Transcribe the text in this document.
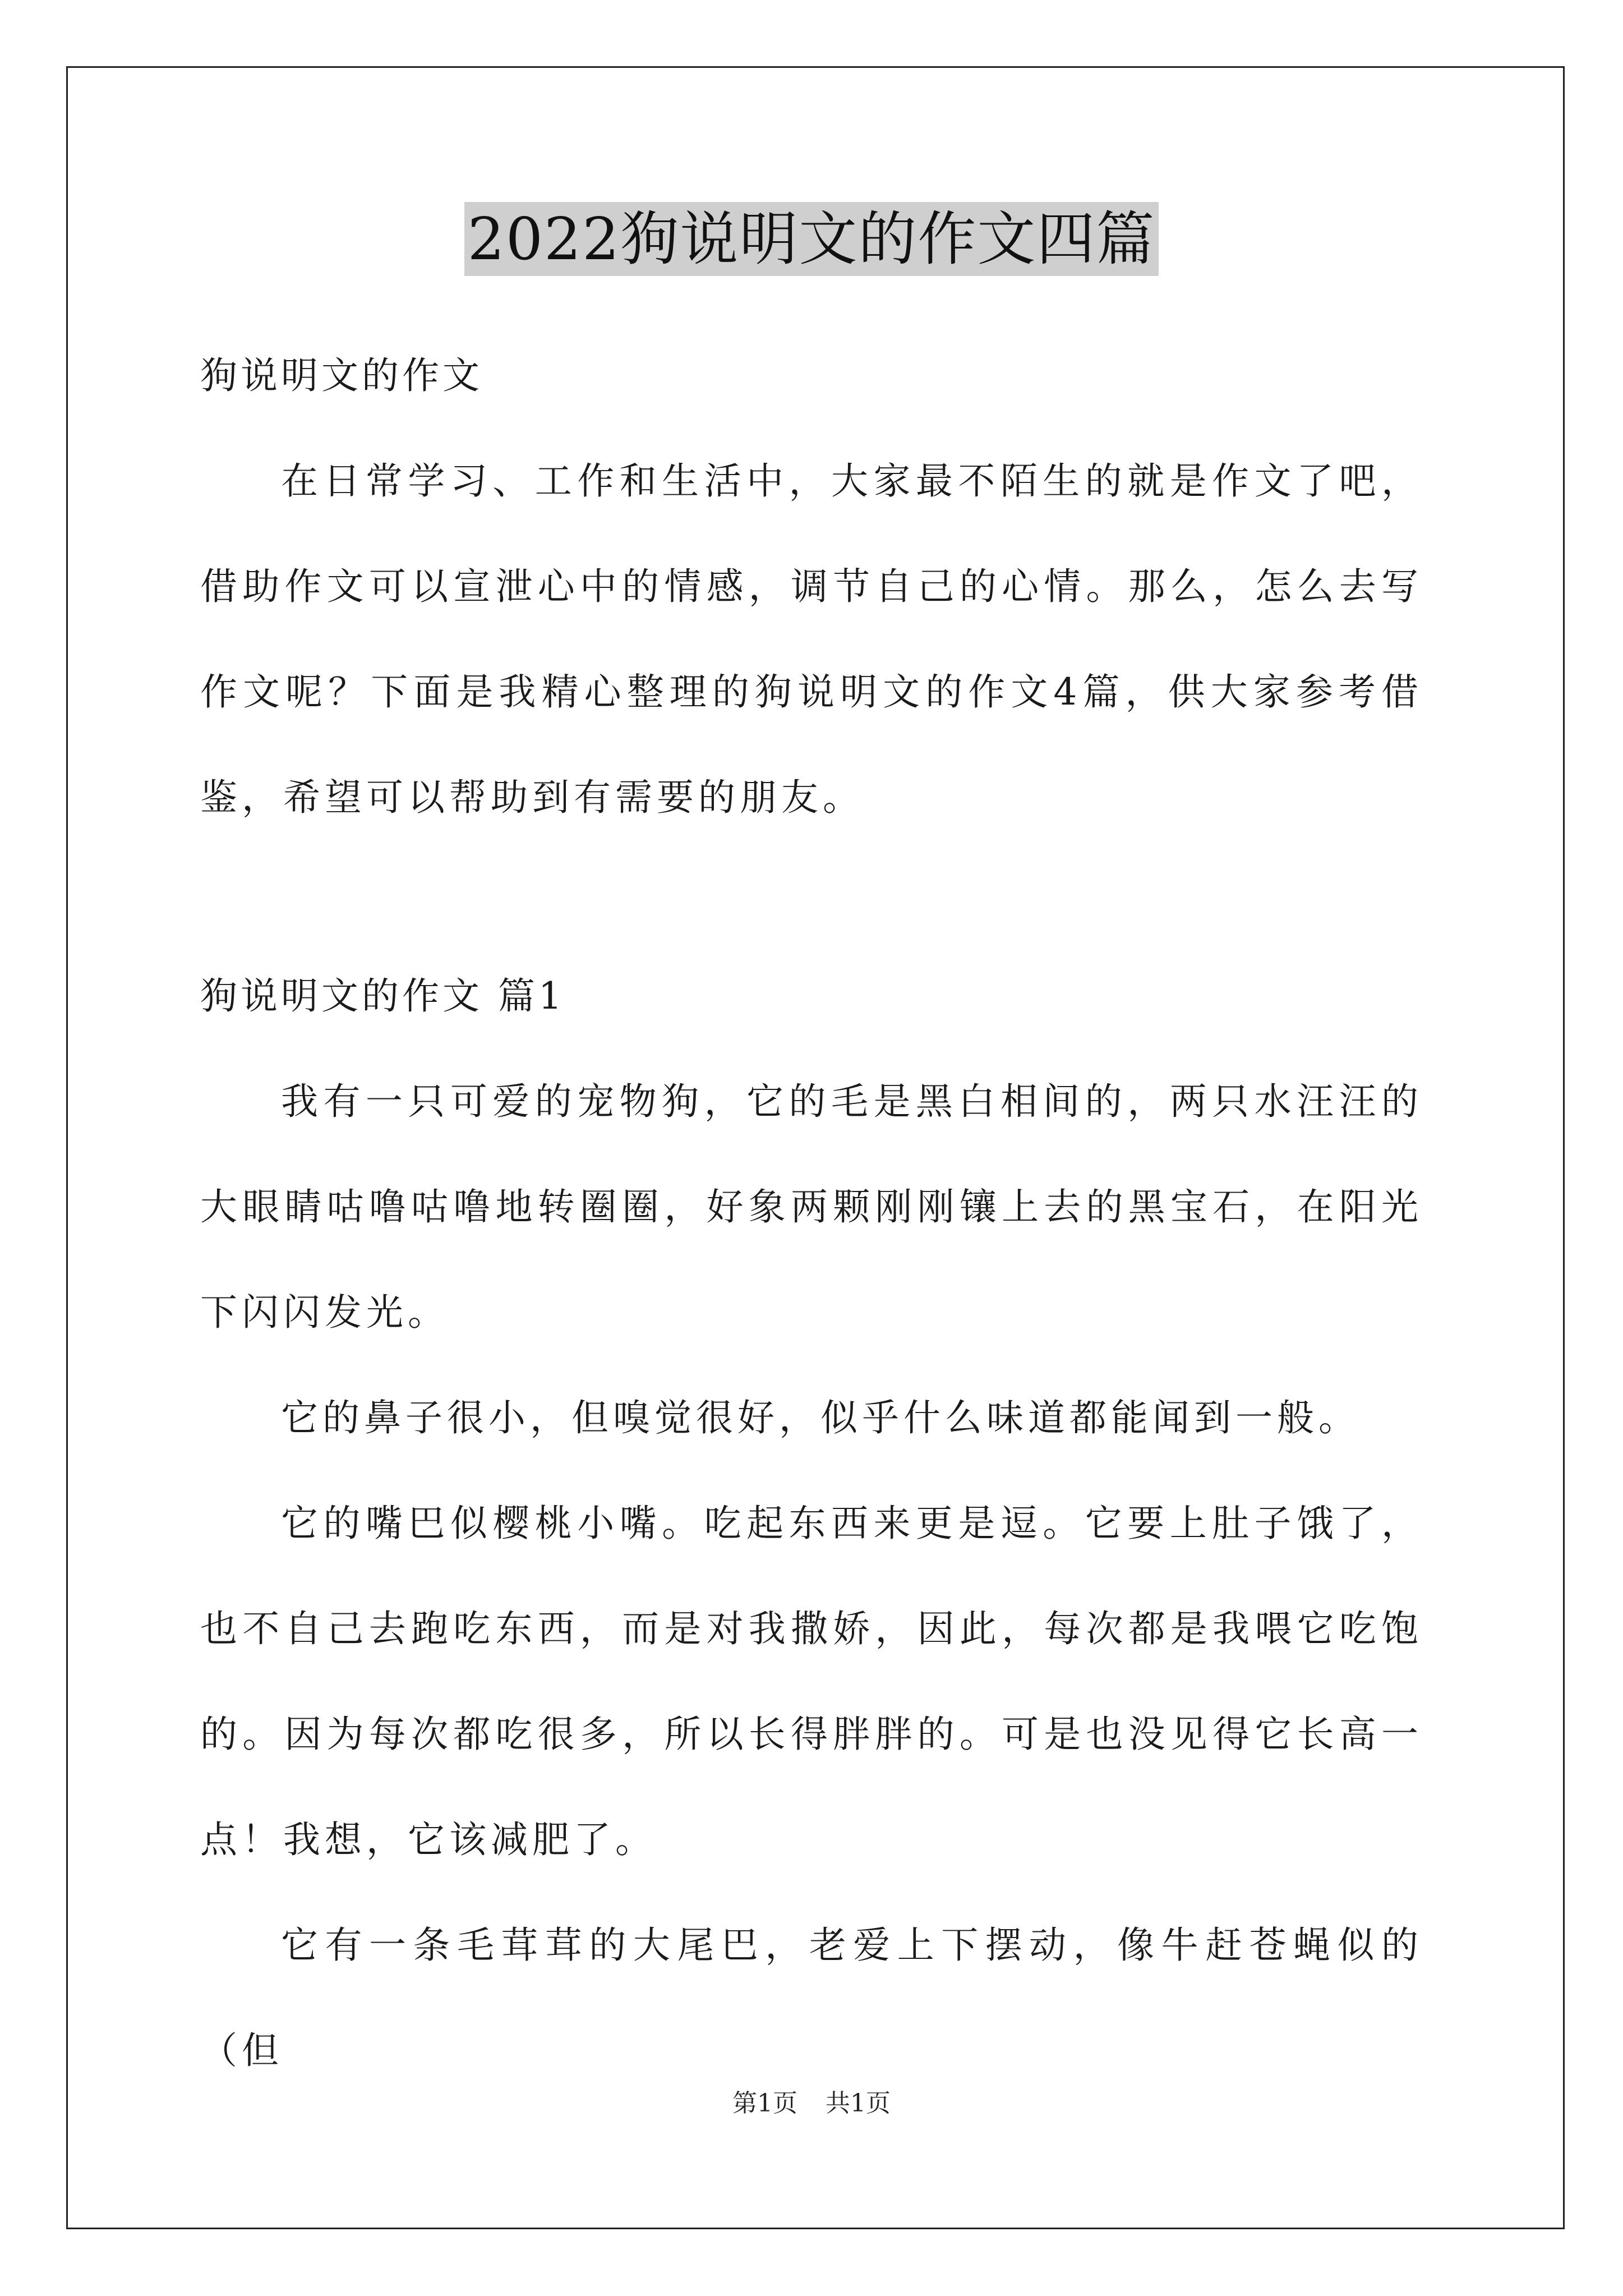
2022狗说明文的作文四篇

狗说明文的作文

在日常学习、工作和生活中，大家最不陌生的就是作文了吧，借助作文可以宣泄心中的情感，调节自己的心情。那么，怎么去写作文呢？下面是我精心整理的狗说明文的作文4篇，供大家参考借鉴，希望可以帮助到有需要的朋友。

狗说明文的作文 篇1

我有一只可爱的宠物狗，它的毛是黑白相间的，两只水汪汪的大眼睛咕噜咕噜地转圈圈，好象两颗刚刚镶上去的黑宝石，在阳光下闪闪发光。

它的鼻子很小，但嗅觉很好，似乎什么味道都能闻到一般。

它的嘴巴似樱桃小嘴。吃起东西来更是逗。它要上肚子饿了，也不自己去跑吃东西，而是对我撒娇，因此，每次都是我喂它吃饱的。因为每次都吃很多，所以长得胖胖的。可是也没见得它长高一点！我想，它该减肥了。

它有一条毛茸茸的大尾巴，老爱上下摆动，像牛赶苍蝇似的（但

第1页 共1页
